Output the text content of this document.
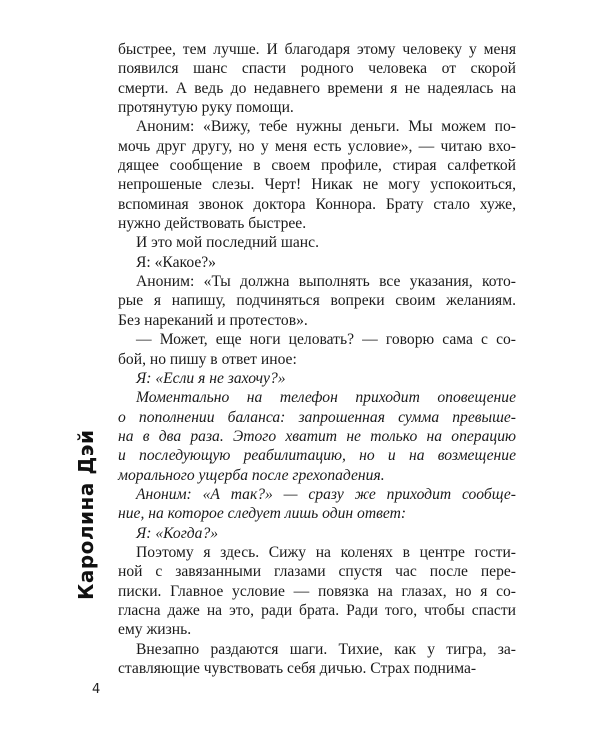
быстрее, тем лучше. И благодаря этому человеку у меня
появился шанс спасти родного человека от скорой
смерти. А ведь до недавнего времени я не надеялась на
протянутую руку помощи.

Аноним: «Вижу, тебе нужны деньги. Мы можем по-
мочь друг другу, но у меня есть условие», — читаю вхо-
дящее сообщение в своем профиле, стирая салфеткой
непрошеные слезы. Черт! Никак не могу успокоиться,
вспоминая звонок доктора Коннора. Брату стало хуже,
нужно действовать быстрее.

И это мой последний шанс.

Я: «Какое?»

Аноним: «Ты должна выполнять все указания, кото-
рые я напишу, подчиняться вопреки своим желаниям.
Без нареканий и протестов».

— Может, еще ноги целовать? — говорю сама с со-
бой, но пишу в ответ иное:

Я: «Если я не захочу?»

Моментально на телефон приходит оповещение
о пополнении баланса: запрошенная сумма превыше-
на в два раза. Этого хватит не только на операцию
и последующую реабилитацию, но и на возмещение
морального ущерба после грехопадения.

Аноним: «А так?» — сразу же приходит сообще-
ние, на которое следует лишь один ответ:

Я: «Когда?»

Поэтому я здесь. Сижу на коленях в центре гости-
ной с завязанными глазами спустя час после пере-
писки. Главное условие — повязка на глазах, но я со-
гласна даже на это, ради брата. Ради того, чтобы спасти
ему жизнь.

Внезапно раздаются шаги. Тихие, как у тигра, за-
ставляющие чувствовать себя дичью. Страх поднима-

Каролина Дэй
4
